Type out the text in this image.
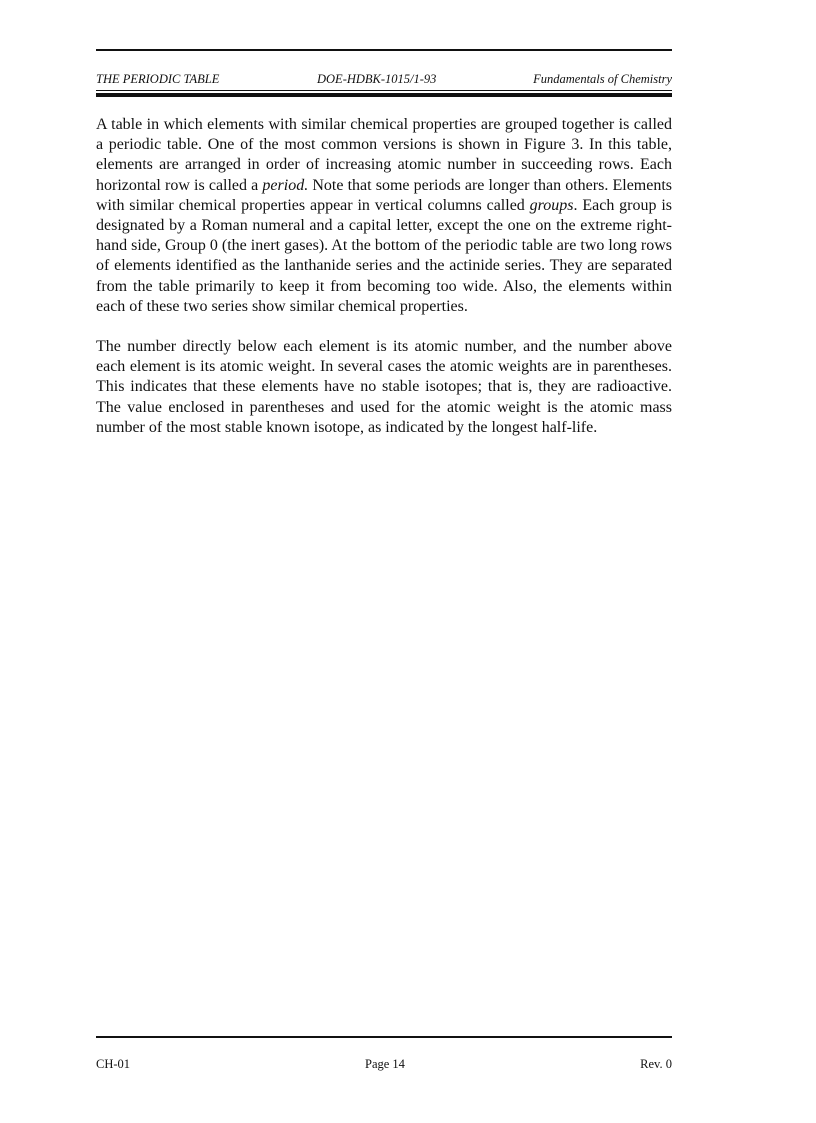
THE PERIODIC TABLE	DOE-HDBK-1015/1-93	Fundamentals of Chemistry

A table in which elements with similar chemical properties are grouped together is called a periodic table. One of the most common versions is shown in Figure 3. In this table, elements are arranged in order of increasing atomic number in succeeding rows. Each horizontal row is called a period. Note that some periods are longer than others. Elements with similar chemical properties appear in vertical columns called groups. Each group is designated by a Roman numeral and a capital letter, except the one on the extreme right-hand side, Group 0 (the inert gases). At the bottom of the periodic table are two long rows of elements identified as the lanthanide series and the actinide series. They are separated from the table primarily to keep it from becoming too wide. Also, the elements within each of these two series show similar chemical properties.

The number directly below each element is its atomic number, and the number above each element is its atomic weight. In several cases the atomic weights are in parentheses. This indicates that these elements have no stable isotopes; that is, they are radioactive. The value enclosed in parentheses and used for the atomic weight is the atomic mass number of the most stable known isotope, as indicated by the longest half-life.

CH-01	Page 14	Rev. 0
